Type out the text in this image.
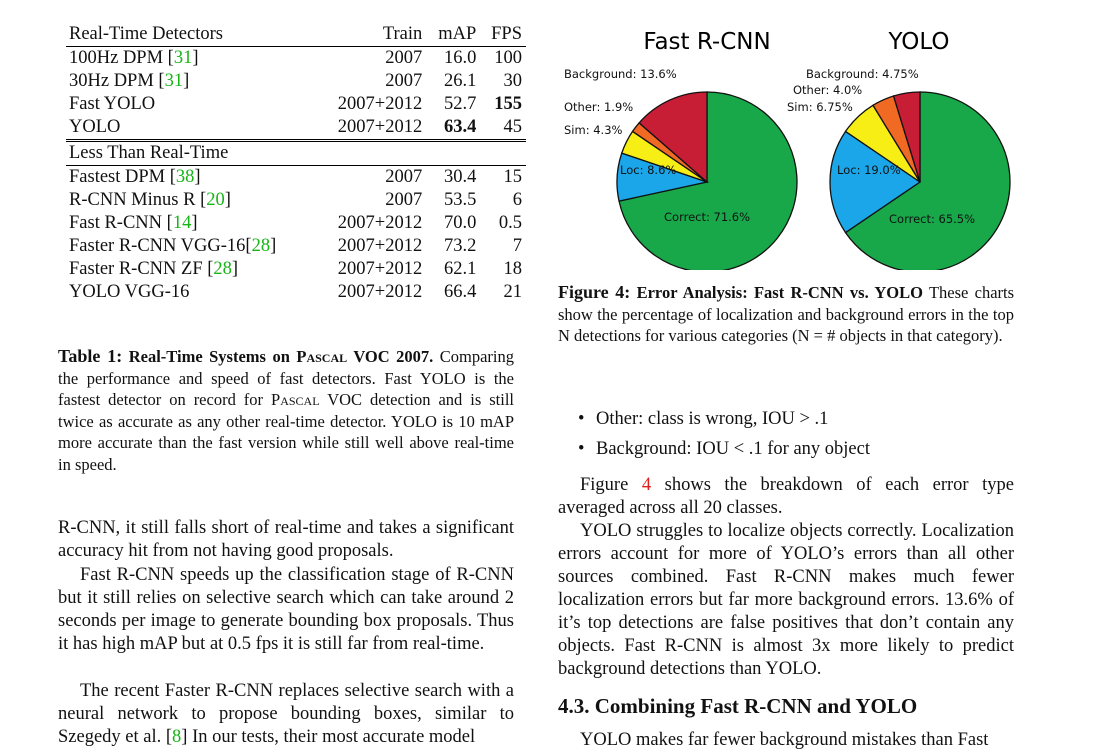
Real-Time Detectors	Train	mAP	FPS
100Hz DPM [31]	2007	16.0	100
30Hz DPM [31]	2007	26.1	30
Fast YOLO	2007+2012	52.7	155
YOLO	2007+2012	63.4	45
Less Than Real-Time			
Fastest DPM [38]	2007	30.4	15
R-CNN Minus R [20]	2007	53.5	6
Fast R-CNN [14]	2007+2012	70.0	0.5
Faster R-CNN VGG-16[28]	2007+2012	73.2	7
Faster R-CNN ZF [28]	2007+2012	62.1	18
YOLO VGG-16	2007+2012	66.4	21
Table 1: Real-Time Systems on Pascal VOC 2007. Comparing the performance and speed of fast detectors. Fast YOLO is the fastest detector on record for Pascal VOC detection and is still twice as accurate as any other real-time detector. YOLO is 10 mAP more accurate than the fast version while still well above real-time in speed.
R-CNN, it still falls short of real-time and takes a significant accuracy hit from not having good proposals.
Fast R-CNN speeds up the classification stage of R-CNN but it still relies on selective search which can take around 2 seconds per image to generate bounding box proposals. Thus it has high mAP but at 0.5 fps it is still far from real-time.
The recent Faster R-CNN replaces selective search with a neural network to propose bounding boxes, similar to Szegedy et al. [8] In our tests, their most accurate model
Fast R-CNN
Correct: 71.6%
Loc: 8.6%
Sim: 4.3%
Other: 1.9%
Background: 13.6%
YOLO
Correct: 65.5%
Loc: 19.0%
Sim: 6.75%
Other: 4.0%
Background: 4.75%
Figure 4: Error Analysis: Fast R-CNN vs. YOLO These charts show the percentage of localization and background errors in the top N detections for various categories (N = # objects in that category).
• Other: class is wrong, IOU > .1
• Background: IOU < .1 for any object
Figure 4 shows the breakdown of each error type averaged across all 20 classes.
YOLO struggles to localize objects correctly. Localization errors account for more of YOLO’s errors than all other sources combined. Fast R-CNN makes much fewer localization errors but far more background errors. 13.6% of it’s top detections are false positives that don’t contain any objects. Fast R-CNN is almost 3x more likely to predict background detections than YOLO.
4.3. Combining Fast R-CNN and YOLO
YOLO makes far fewer background mistakes than Fast
